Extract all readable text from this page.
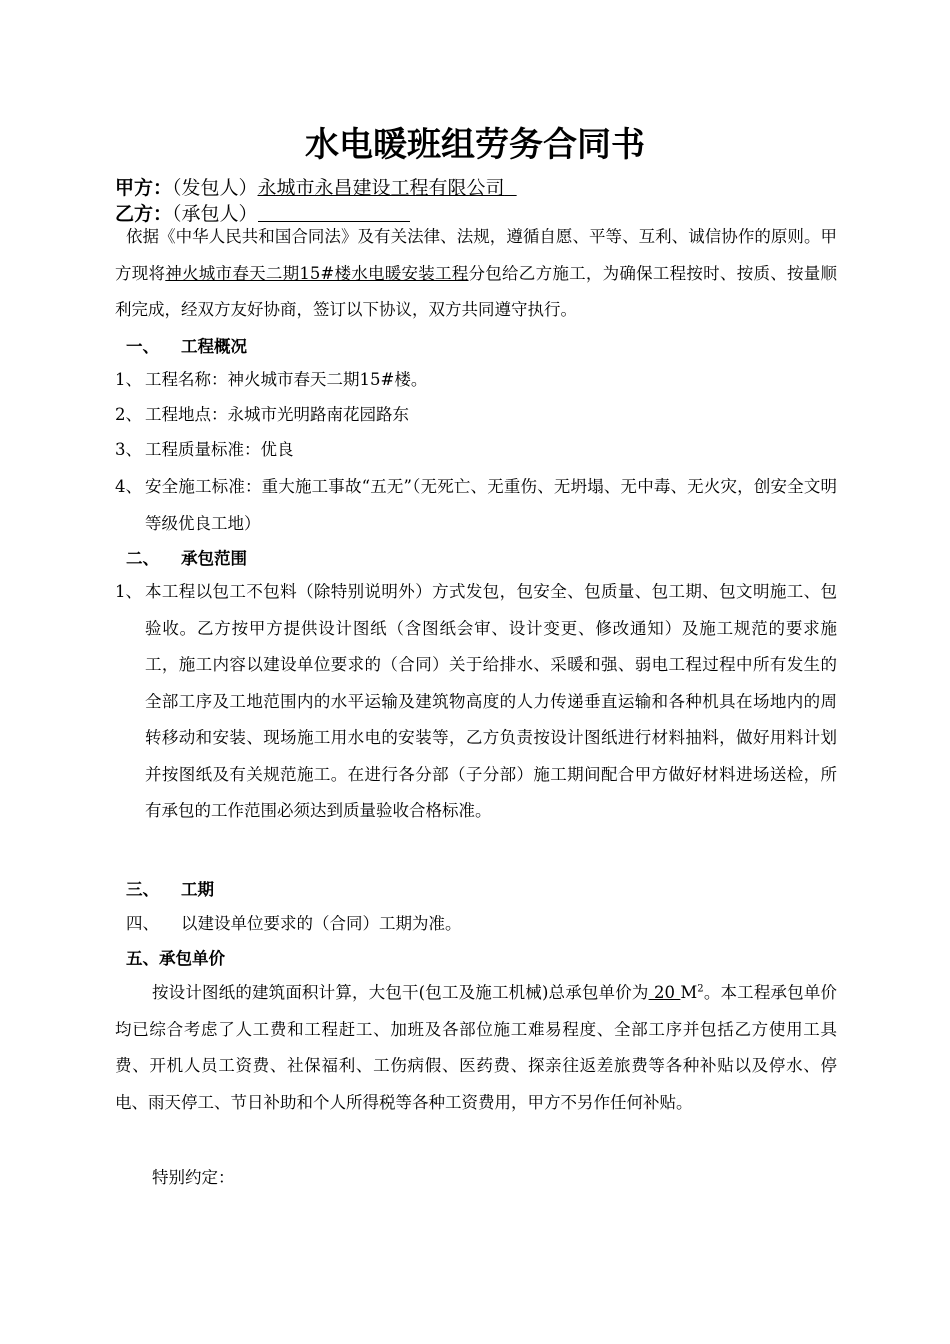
水电暖班组劳务合同书
甲方：（发包人）永城市永昌建设工程有限公司
乙方：（承包人）
依据《中华人民共和国合同法》及有关法律、法规，遵循自愿、平等、互利、诚信协作的原则。甲方现将神火城市春天二期15#楼水电暖安装工程分包给乙方施工，为确保工程按时、按质、按量顺利完成，经双方友好协商，签订以下协议，双方共同遵守执行。
一、 工程概况
1、 工程名称：神火城市春天二期15#楼。
2、 工程地点：永城市光明路南花园路东
3、 工程质量标准：优良
4、 安全施工标准：重大施工事故“五无”（无死亡、无重伤、无坍塌、无中毒、无火灾，创安全文明等级优良工地）
二、 承包范围
1、 本工程以包工不包料（除特别说明外）方式发包，包安全、包质量、包工期、包文明施工、包验收。乙方按甲方提供设计图纸（含图纸会审、设计变更、修改通知）及施工规范的要求施工，施工内容以建设单位要求的（合同）关于给排水、采暖和强、弱电工程过程中所有发生的全部工序及工地范围内的水平运输及建筑物高度的人力传递垂直运输和各种机具在场地内的周转移动和安装、现场施工用水电的安装等，乙方负责按设计图纸进行材料抽料，做好用料计划并按图纸及有关规范施工。在进行各分部（子分部）施工期间配合甲方做好材料进场送检，所有承包的工作范围必须达到质量验收合格标准。
三、 工期
四、 以建设单位要求的（合同）工期为准。
五、承包单价
按设计图纸的建筑面积计算，大包干(包工及施工机械)总承包单价为 20 $M^2$。本工程承包单价均已综合考虑了人工费和工程赶工、加班及各部位施工难易程度、全部工序并包括乙方使用工具费、开机人员工资费、社保福利、工伤病假、医药费、探亲往返差旅费等各种补贴以及停水、停电、雨天停工、节日补助和个人所得税等各种工资费用，甲方不另作任何补贴。
特别约定：
